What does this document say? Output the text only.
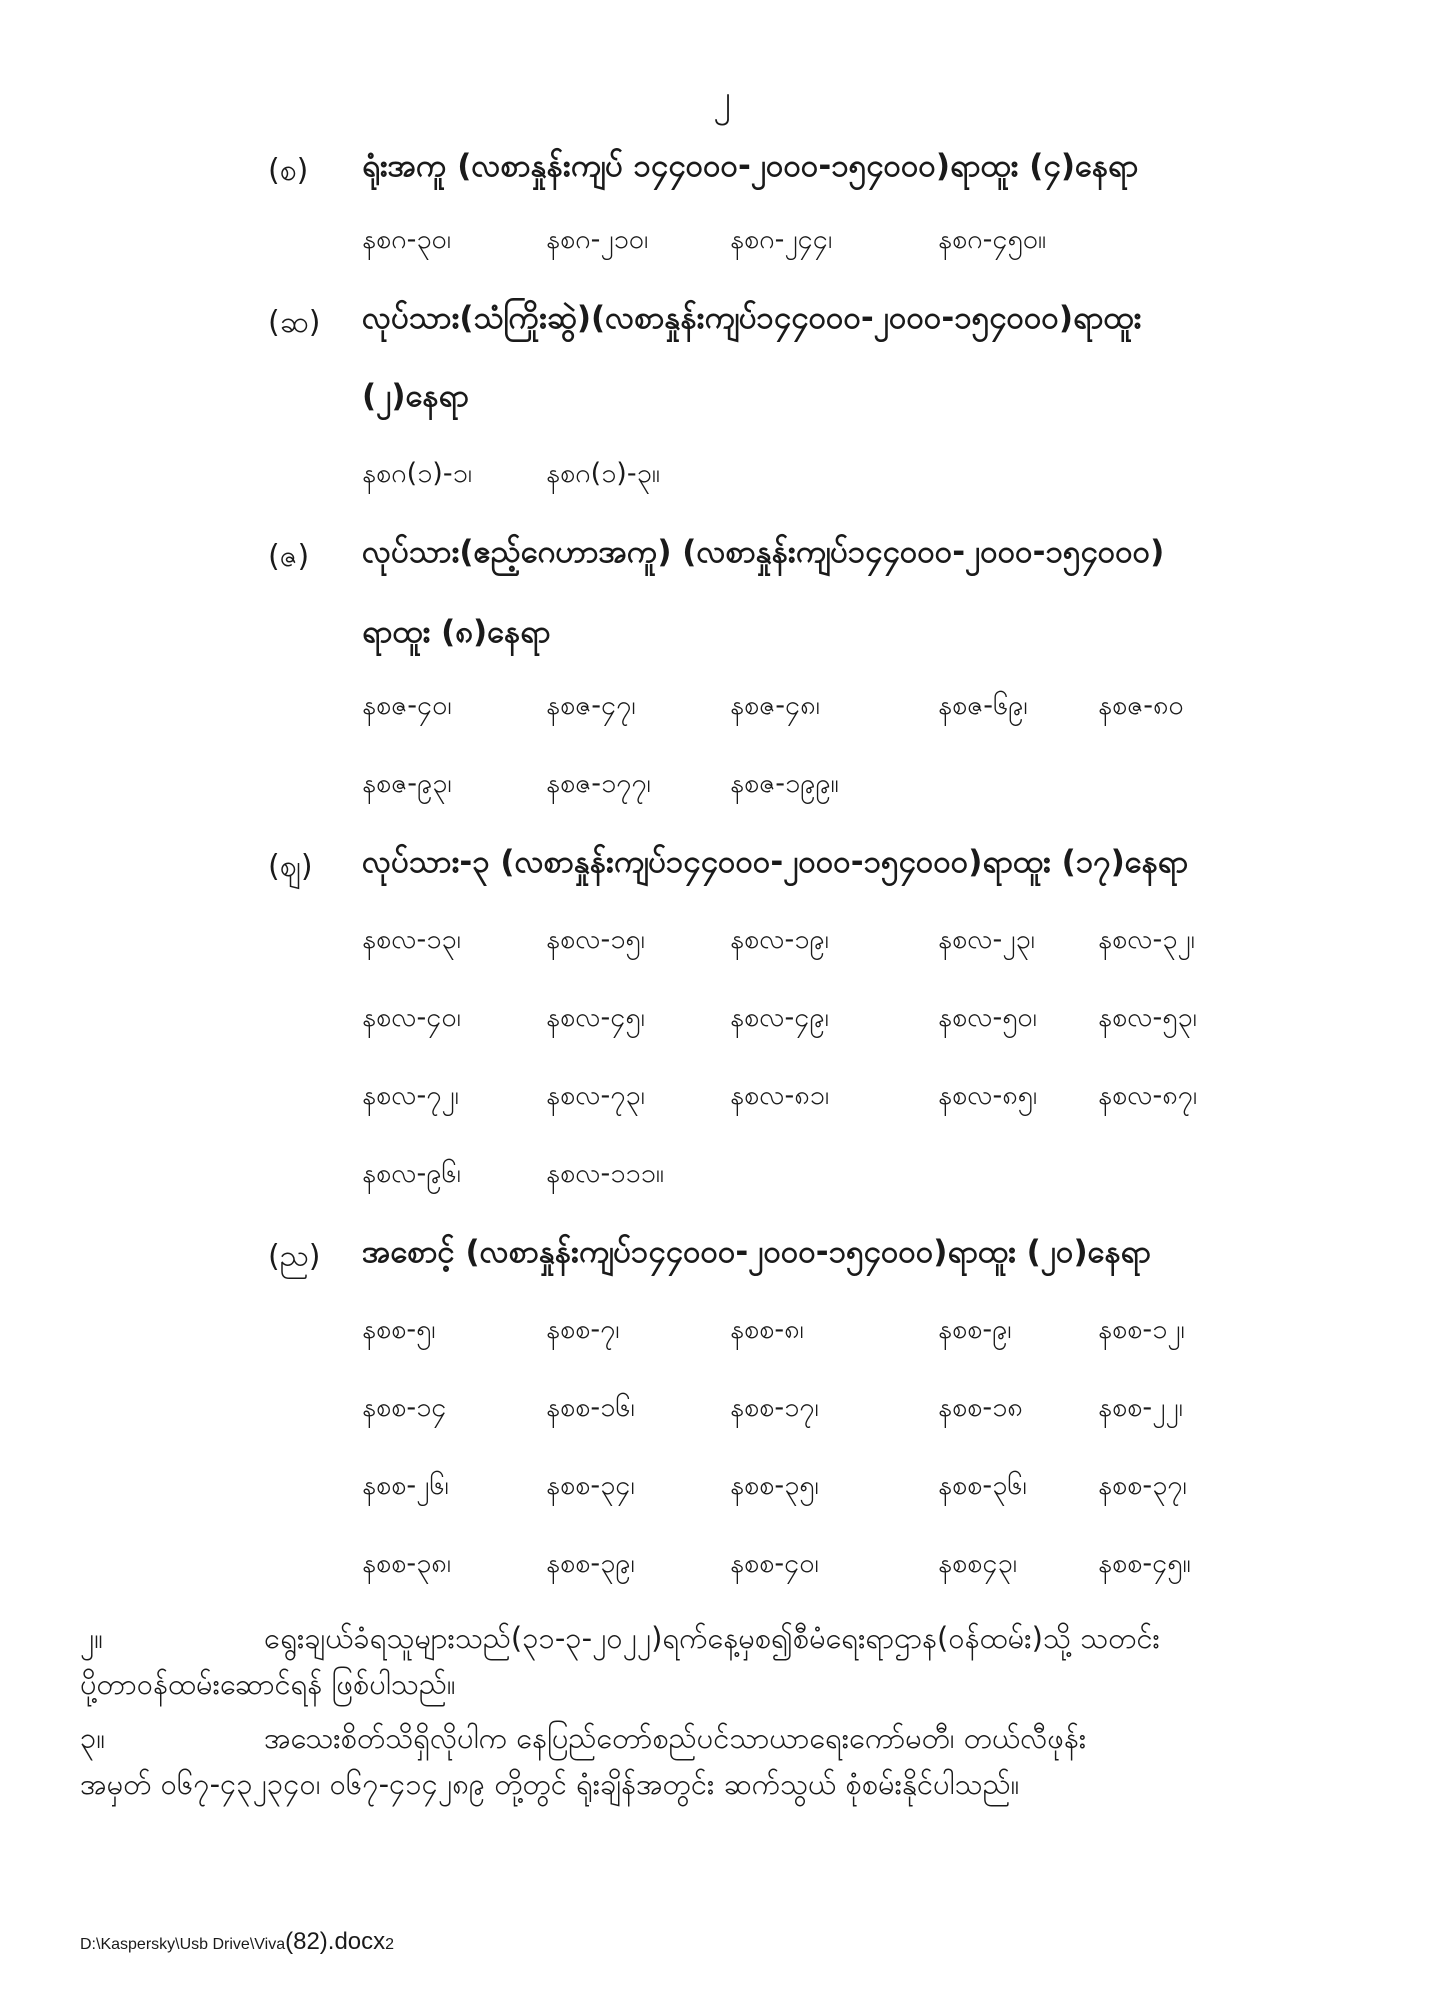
၂
(စ) ရုံးအကူ (လစာနှုန်းကျပ် ၁၄၄၀၀၀-၂၀၀၀-၁၅၄၀၀၀)ရာထူး (၄)နေရာ
နစဂ-၃၀၊	နစဂ-၂၁၀၊	နစဂ-၂၄၄၊	နစဂ-၄၅၀။
(ဆ) လုပ်သား(သံကြိုးဆွဲ)(လစာနှုန်းကျပ်၁၄၄၀၀၀-၂၀၀၀-၁၅၄၀၀၀)ရာထူး
(၂)နေရာ
နစဂ(၁)-၁၊	နစဂ(၁)-၃။
(ဇ) လုပ်သား(ဧည့်ဂေဟာအကူ) (လစာနှုန်းကျပ်၁၄၄၀၀၀-၂၀၀၀-၁၅၄၀၀၀)
ရာထူး (၈)နေရာ
နစဇ-၄၀၊	နစဇ-၄၇၊	နစဇ-၄၈၊	နစဇ-၆၉၊	နစဇ-၈၀
နစဇ-၉၃၊	နစဇ-၁၇၇၊	နစဇ-၁၉၉။
(ဈ) လုပ်သား-၃ (လစာနှုန်းကျပ်၁၄၄၀၀၀-၂၀၀၀-၁၅၄၀၀၀)ရာထူး (၁၇)နေရာ
နစလ-၁၃၊	နစလ-၁၅၊	နစလ-၁၉၊	နစလ-၂၃၊ နစလ-၃၂၊
နစလ-၄၀၊	နစလ-၄၅၊	နစလ-၄၉၊	နစလ-၅၀၊ နစလ-၅၃၊
နစလ-၇၂၊	နစလ-၇၃၊	နစလ-၈၁၊	နစလ-၈၅၊ နစလ-၈၇၊
နစလ-၉၆၊	နစလ-၁၁၁။
(ည) အစောင့် (လစာနှုန်းကျပ်၁၄၄၀၀၀-၂၀၀၀-၁၅၄၀၀၀)ရာထူး (၂၀)နေရာ
နစစ-၅၊	နစစ-၇၊	နစစ-၈၊	နစစ-၉၊	နစစ-၁၂၊
နစစ-၁၄	နစစ-၁၆၊	နစစ-၁၇၊	နစစ-၁၈	နစစ-၂၂၊
နစစ-၂၆၊	နစစ-၃၄၊	နစစ-၃၅၊	နစစ-၃၆၊	နစစ-၃၇၊
နစစ-၃၈၊	နစစ-၃၉၊	နစစ-၄၀၊	နစစ၄၃၊	နစစ-၄၅။
၂။	ရွေးချယ်ခံရသူများသည်(၃၁-၃-၂၀၂၂)ရက်နေ့မှစ၍စီမံရေးရာဌာန(ဝန်ထမ်း)သို့ သတင်း
ပို့တာဝန်ထမ်းဆောင်ရန် ဖြစ်ပါသည်။
၃။	အသေးစိတ်သိရှိလိုပါက နေပြည်တော်စည်ပင်သာယာရေးကော်မတီ၊ တယ်လီဖုန်း
အမှတ် ၀၆၇-၄၃၂၃၄၀၊ ၀၆၇-၄၁၄၂၈၉ တို့တွင် ရုံးချိန်အတွင်း ဆက်သွယ် စုံစမ်းနိုင်ပါသည်။
D:\Kaspersky\Usb Drive\Viva(82).docx2
